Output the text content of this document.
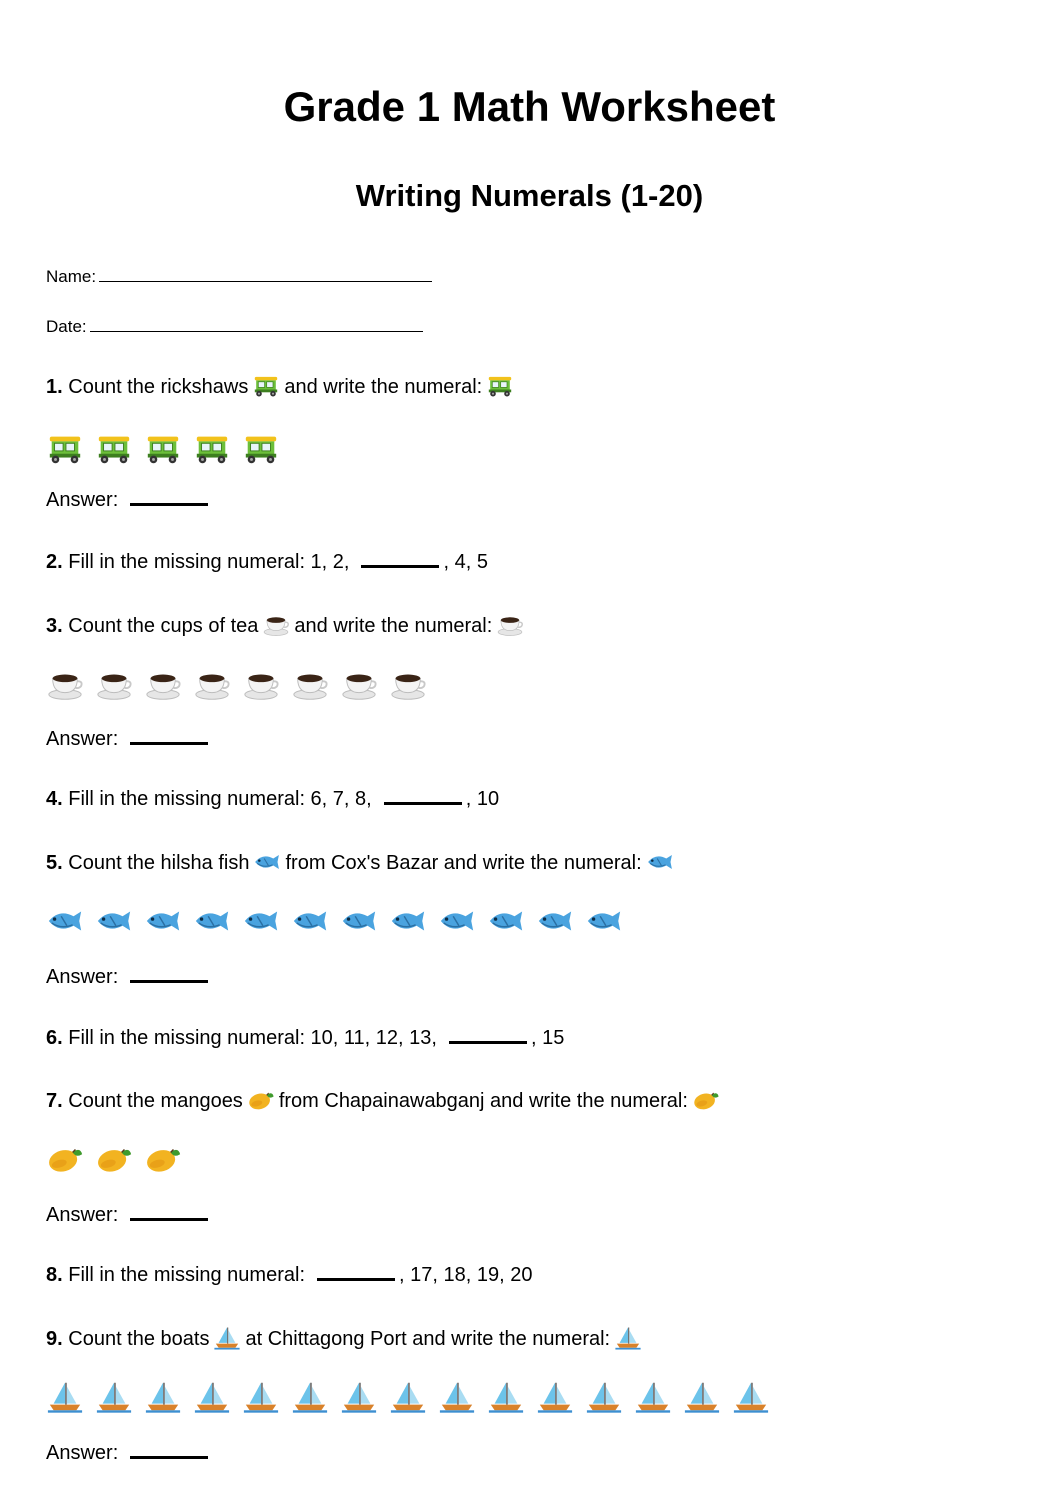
Grade 1 Math Worksheet
Writing Numerals (1-20)
Name:
Date:
1. Count the rickshaws and write the numeral:
Answer:
2. Fill in the missing numeral: 1, 2,	, 4, 5
3. Count the cups of tea and write the numeral:
Answer:
4. Fill in the missing numeral: 6, 7, 8,	, 10
5. Count the hilsha fish from Cox's Bazar and write the numeral:
Answer:
6. Fill in the missing numeral: 10, 11, 12, 13,	, 15
7. Count the mangoes from Chapainawabganj and write the numeral:
Answer:
8. Fill in the missing numeral:	, 17, 18, 19, 20
9. Count the boats at Chittagong Port and write the numeral:
Answer:
